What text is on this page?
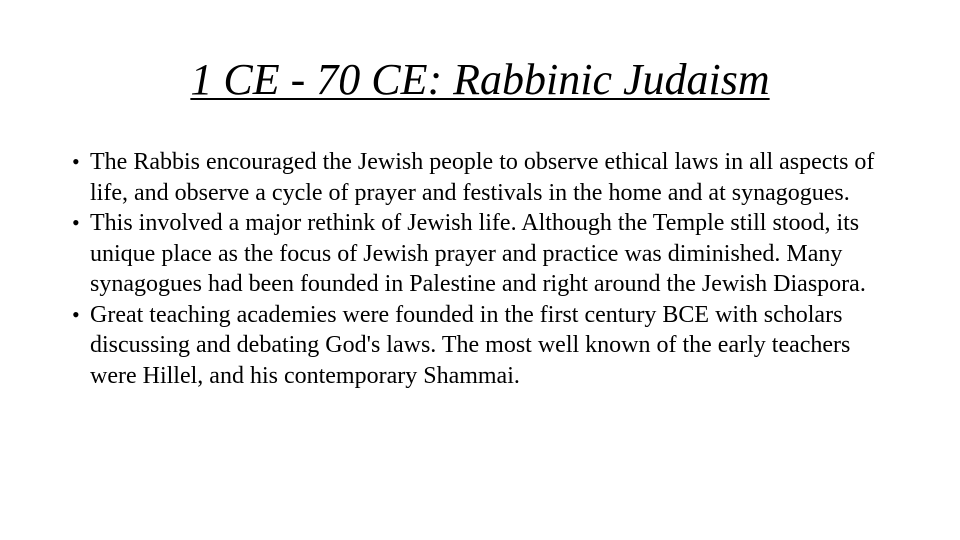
1 CE - 70 CE: Rabbinic Judaism
• The Rabbis encouraged the Jewish people to observe ethical laws in all aspects of life, and observe a cycle of prayer and festivals in the home and at synagogues.
• This involved a major rethink of Jewish life. Although the Temple still stood, its unique place as the focus of Jewish prayer and practice was diminished. Many synagogues had been founded in Palestine and right around the Jewish Diaspora.
• Great teaching academies were founded in the first century BCE with scholars discussing and debating God's laws. The most well known of the early teachers were Hillel, and his contemporary Shammai.
